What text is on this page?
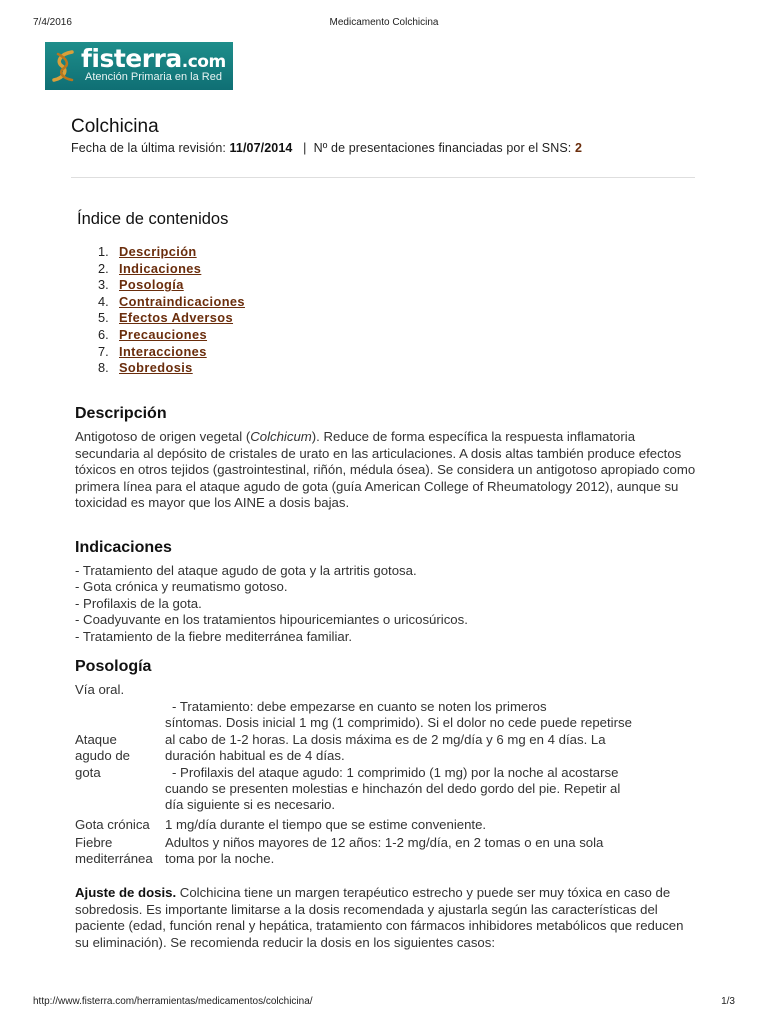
7/4/2016	Medicamento Colchicina
fisterra.com
Atención Primaria en la Red
Colchicina
Fecha de la última revisión: 11/07/2014 | Nº de presentaciones financiadas por el SNS: 2
Índice de contenidos
1. Descripción
2. Indicaciones
3. Posología
4. Contraindicaciones
5. Efectos Adversos
6. Precauciones
7. Interacciones
8. Sobredosis
Descripción

Antigotoso de origen vegetal (Colchicum). Reduce de forma específica la respuesta inflamatoria secundaria al depósito de cristales de urato en las articulaciones. A dosis altas también produce efectos tóxicos en otros tejidos (gastrointestinal, riñón, médula ósea). Se considera un antigotoso apropiado como primera línea para el ataque agudo de gota (guía American College of Rheumatology 2012), aunque su toxicidad es mayor que los AINE a dosis bajas.

Indicaciones
- Tratamiento del ataque agudo de gota y la artritis gotosa.
- Gota crónica y reumatismo gotoso.
- Profilaxis de la gota.
- Coadyuvante en los tratamientos hipouricemiantes o uricosúricos.
- Tratamiento de la fiebre mediterránea familiar.
Posología
Vía oral.
Ataque
agudo de
gota
- Tratamiento: debe empezarse en cuanto se noten los primeros
síntomas. Dosis inicial 1 mg (1 comprimido). Si el dolor no cede puede repetirse
al cabo de 1-2 horas. La dosis máxima es de 2 mg/día y 6 mg en 4 días. La
duración habitual es de 4 días.
- Profilaxis del ataque agudo: 1 comprimido (1 mg) por la noche al acostarse
cuando se presenten molestias e hinchazón del dedo gordo del pie. Repetir al
día siguiente si es necesario.
Gota crónica 1 mg/día durante el tiempo que se estime conveniente.
Fiebre
mediterránea
Adultos y niños mayores de 12 años: 1-2 mg/día, en 2 tomas o en una sola
toma por la noche.

Ajuste de dosis. Colchicina tiene un margen terapéutico estrecho y puede ser muy tóxica en caso de sobredosis. Es importante limitarse a la dosis recomendada y ajustarla según las características del paciente (edad, función renal y hepática, tratamiento con fármacos inhibidores metabólicos que reducen su eliminación). Se recomienda reducir la dosis en los siguientes casos:

http://www.fisterra.com/herramientas/medicamentos/colchicina/	1/3
